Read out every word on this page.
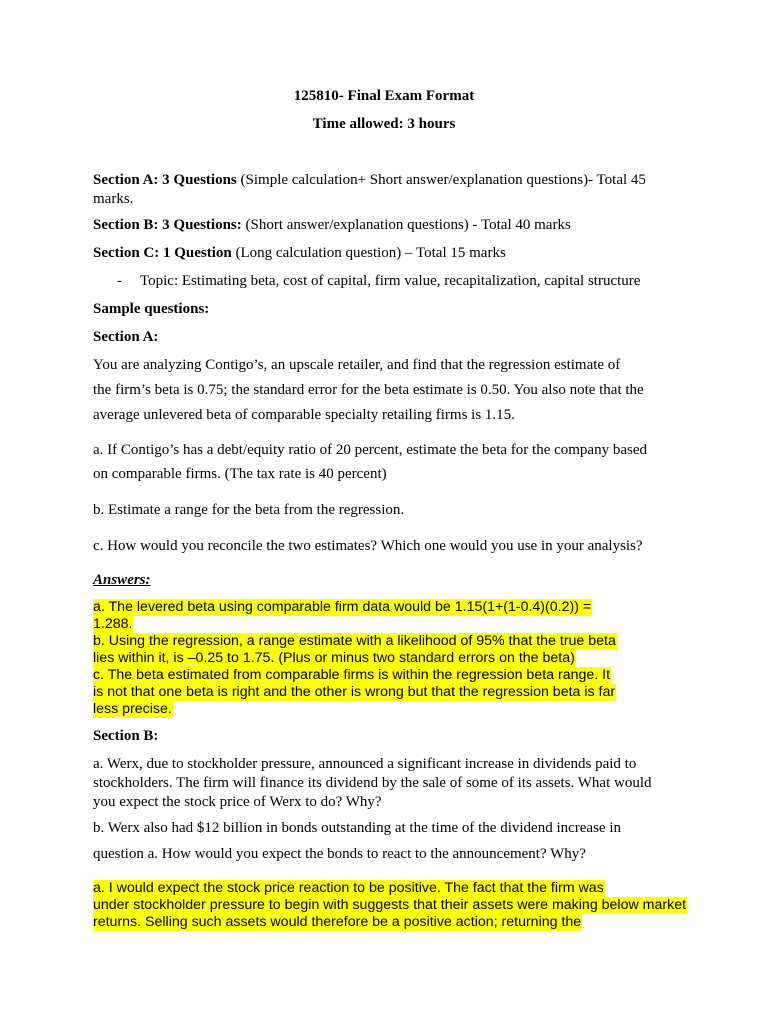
125810- Final Exam Format
Time allowed: 3 hours
Section A: 3 Questions (Simple calculation+ Short answer/explanation questions)- Total 45
marks.
Section B: 3 Questions: (Short answer/explanation questions) - Total 40 marks
Section C: 1 Question (Long calculation question) – Total 15 marks
- Topic: Estimating beta, cost of capital, firm value, recapitalization, capital structure
Sample questions:
Section A:
You are analyzing Contigo’s, an upscale retailer, and find that the regression estimate of
the firm’s beta is 0.75; the standard error for the beta estimate is 0.50. You also note that the
average unlevered beta of comparable specialty retailing firms is 1.15.
a. If Contigo’s has a debt/equity ratio of 20 percent, estimate the beta for the company based
on comparable firms. (The tax rate is 40 percent)
b. Estimate a range for the beta from the regression.
c. How would you reconcile the two estimates? Which one would you use in your analysis?
Answers:
a. The levered beta using comparable firm data would be 1.15(1+(1-0.4)(0.2)) =
1.288.
b. Using the regression, a range estimate with a likelihood of 95% that the true beta
lies within it, is –0.25 to 1.75. (Plus or minus two standard errors on the beta)
c. The beta estimated from comparable firms is within the regression beta range. It
is not that one beta is right and the other is wrong but that the regression beta is far
less precise.
Section B:
a. Werx, due to stockholder pressure, announced a significant increase in dividends paid to
stockholders. The firm will finance its dividend by the sale of some of its assets. What would
you expect the stock price of Werx to do? Why?
b. Werx also had $12 billion in bonds outstanding at the time of the dividend increase in
question a. How would you expect the bonds to react to the announcement? Why?
a. I would expect the stock price reaction to be positive. The fact that the firm was
under stockholder pressure to begin with suggests that their assets were making below market
returns. Selling such assets would therefore be a positive action; returning the
